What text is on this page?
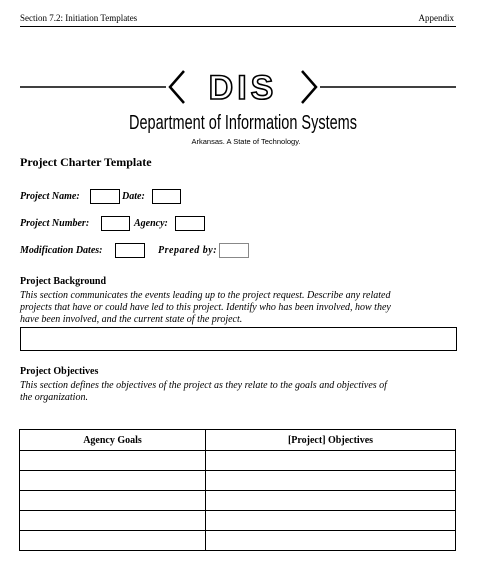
Section 7.2: Initiation Templates	Appendix
DIS
Department of Information Systems
Arkansas. A State of Technology.
Project Charter Template
Project Name:	Date:
Project Number:	Agency:
Modification Dates:	Prepared by:
Project Background
This section communicates the events leading up to the project request. Describe any related
projects that have or could have led to this project. Identify who has been involved, how they
have been involved, and the current state of the project.
Project Objectives
This section defines the objectives of the project as they relate to the goals and objectives of
the organization.
Agency Goals	[Project] Objectives
